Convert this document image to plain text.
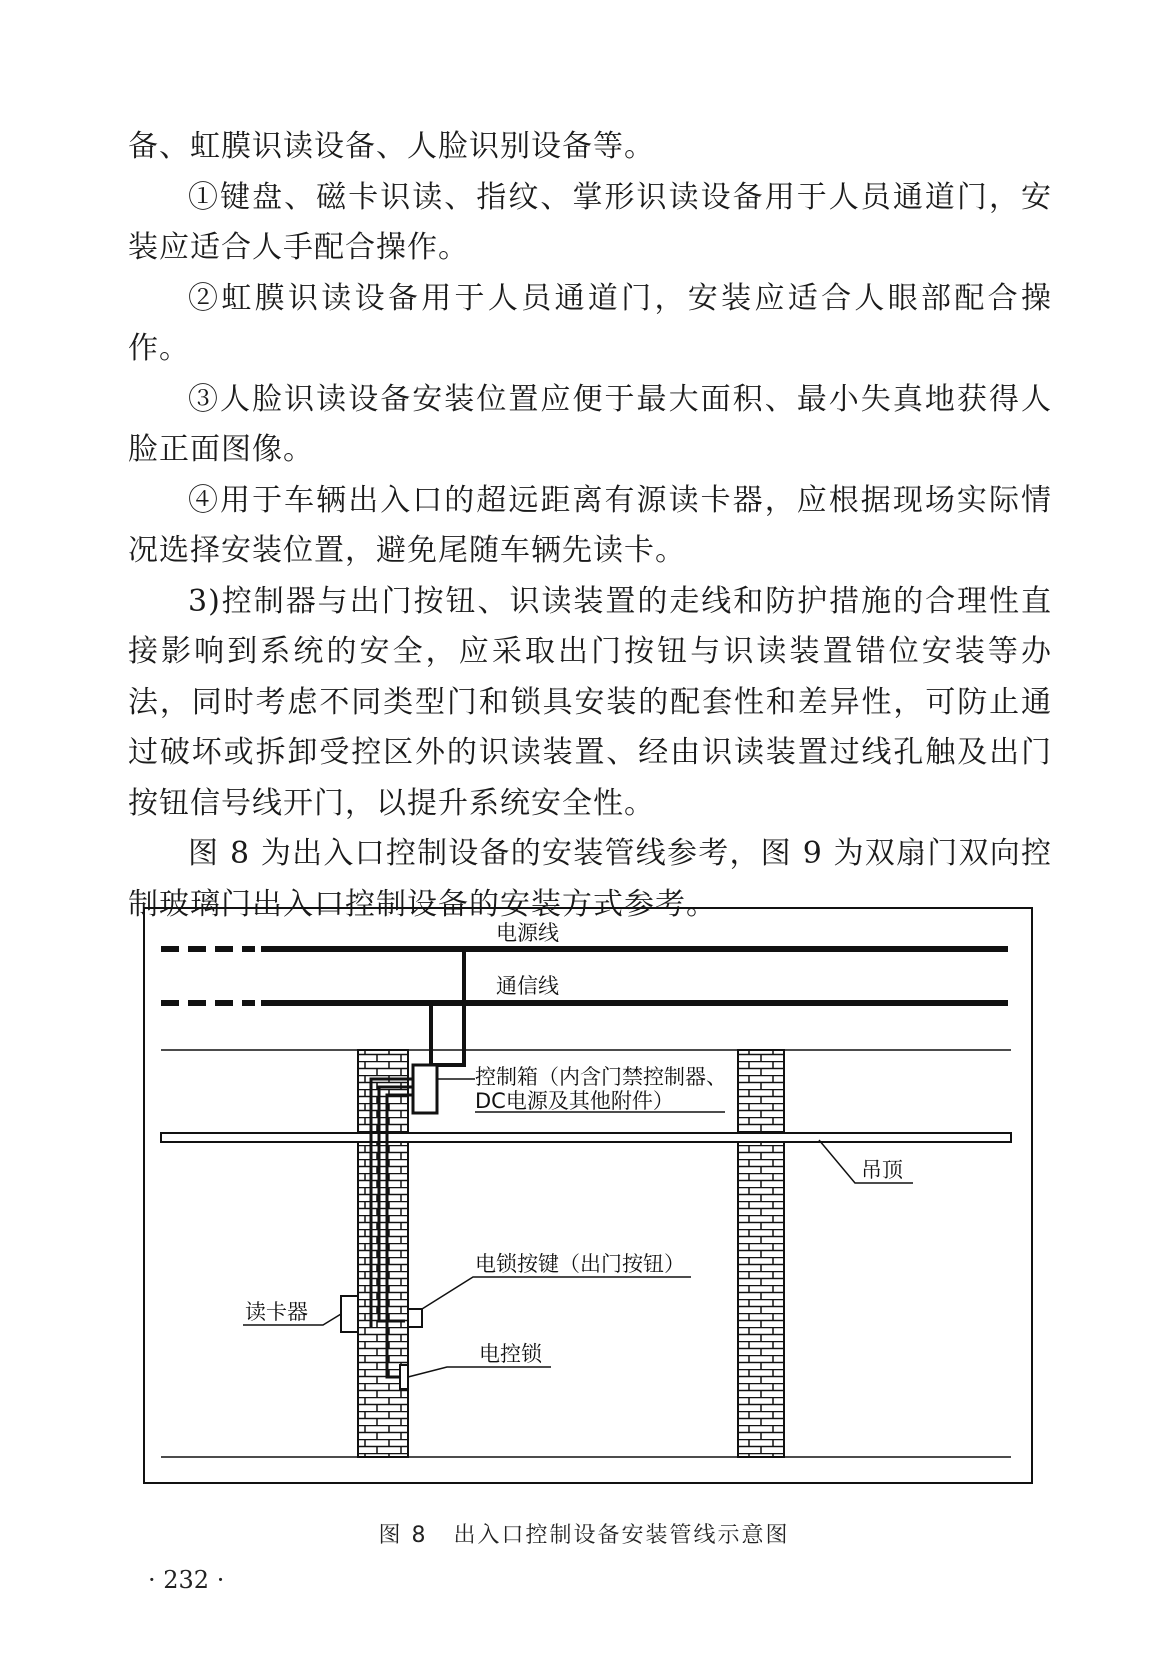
备、虹膜识读设备、人脸识别设备等。

①键盘、磁卡识读、指纹、掌形识读设备用于人员通道门，安装应适合人手配合操作。

②虹膜识读设备用于人员通道门，安装应适合人眼部配合操作。

③人脸识读设备安装位置应便于最大面积、最小失真地获得人脸正面图像。

④用于车辆出入口的超远距离有源读卡器，应根据现场实际情况选择安装位置，避免尾随车辆先读卡。

3)控制器与出门按钮、识读装置的走线和防护措施的合理性直接影响到系统的安全，应采取出门按钮与识读装置错位安装等办法，同时考虑不同类型门和锁具安装的配套性和差异性，可防止通过破坏或拆卸受控区外的识读装置、经由识读装置过线孔触及出门按钮信号线开门，以提升系统安全性。

图 8 为出入口控制设备的安装管线参考，图 9 为双扇门双向控制玻璃门出入口控制设备的安装方式参考。

电源线
通信线
控制箱（内含门禁控制器、
DC电源及其他附件）
吊顶
电锁按键（出门按钮）
读卡器
电控锁
图 8 出入口控制设备安装管线示意图
· 232 ·
